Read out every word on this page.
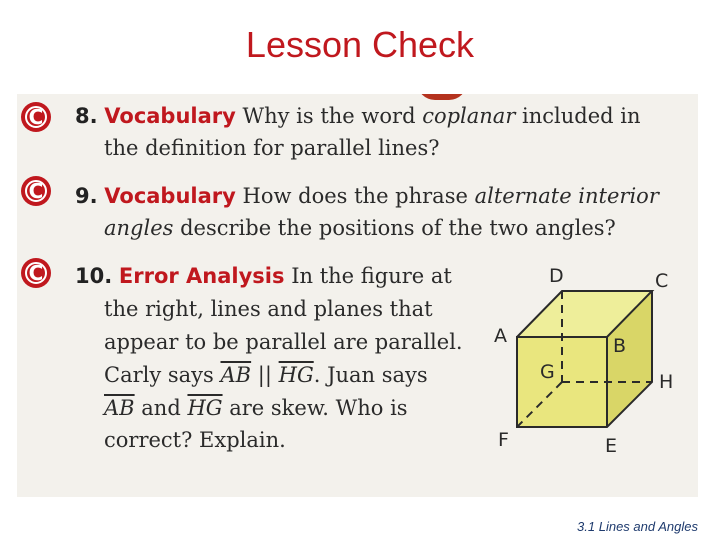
Lesson Check
C	8. Vocabulary Why is the word coplanar included in
the definition for parallel lines?
C	9. Vocabulary How does the phrase alternate interior
angles describe the positions of the two angles?
C	10. Error Analysis In the figure at
the right, lines and planes that
appear to be parallel are parallel.
Carly says $\overline{AB}$ || $\overline{HG}$. Juan says
$\overline{AB}$ and $\overline{HG}$ are skew. Who is
correct? Explain.
D	C
A	B
G	H
F	E
3.1 Lines and Angles
